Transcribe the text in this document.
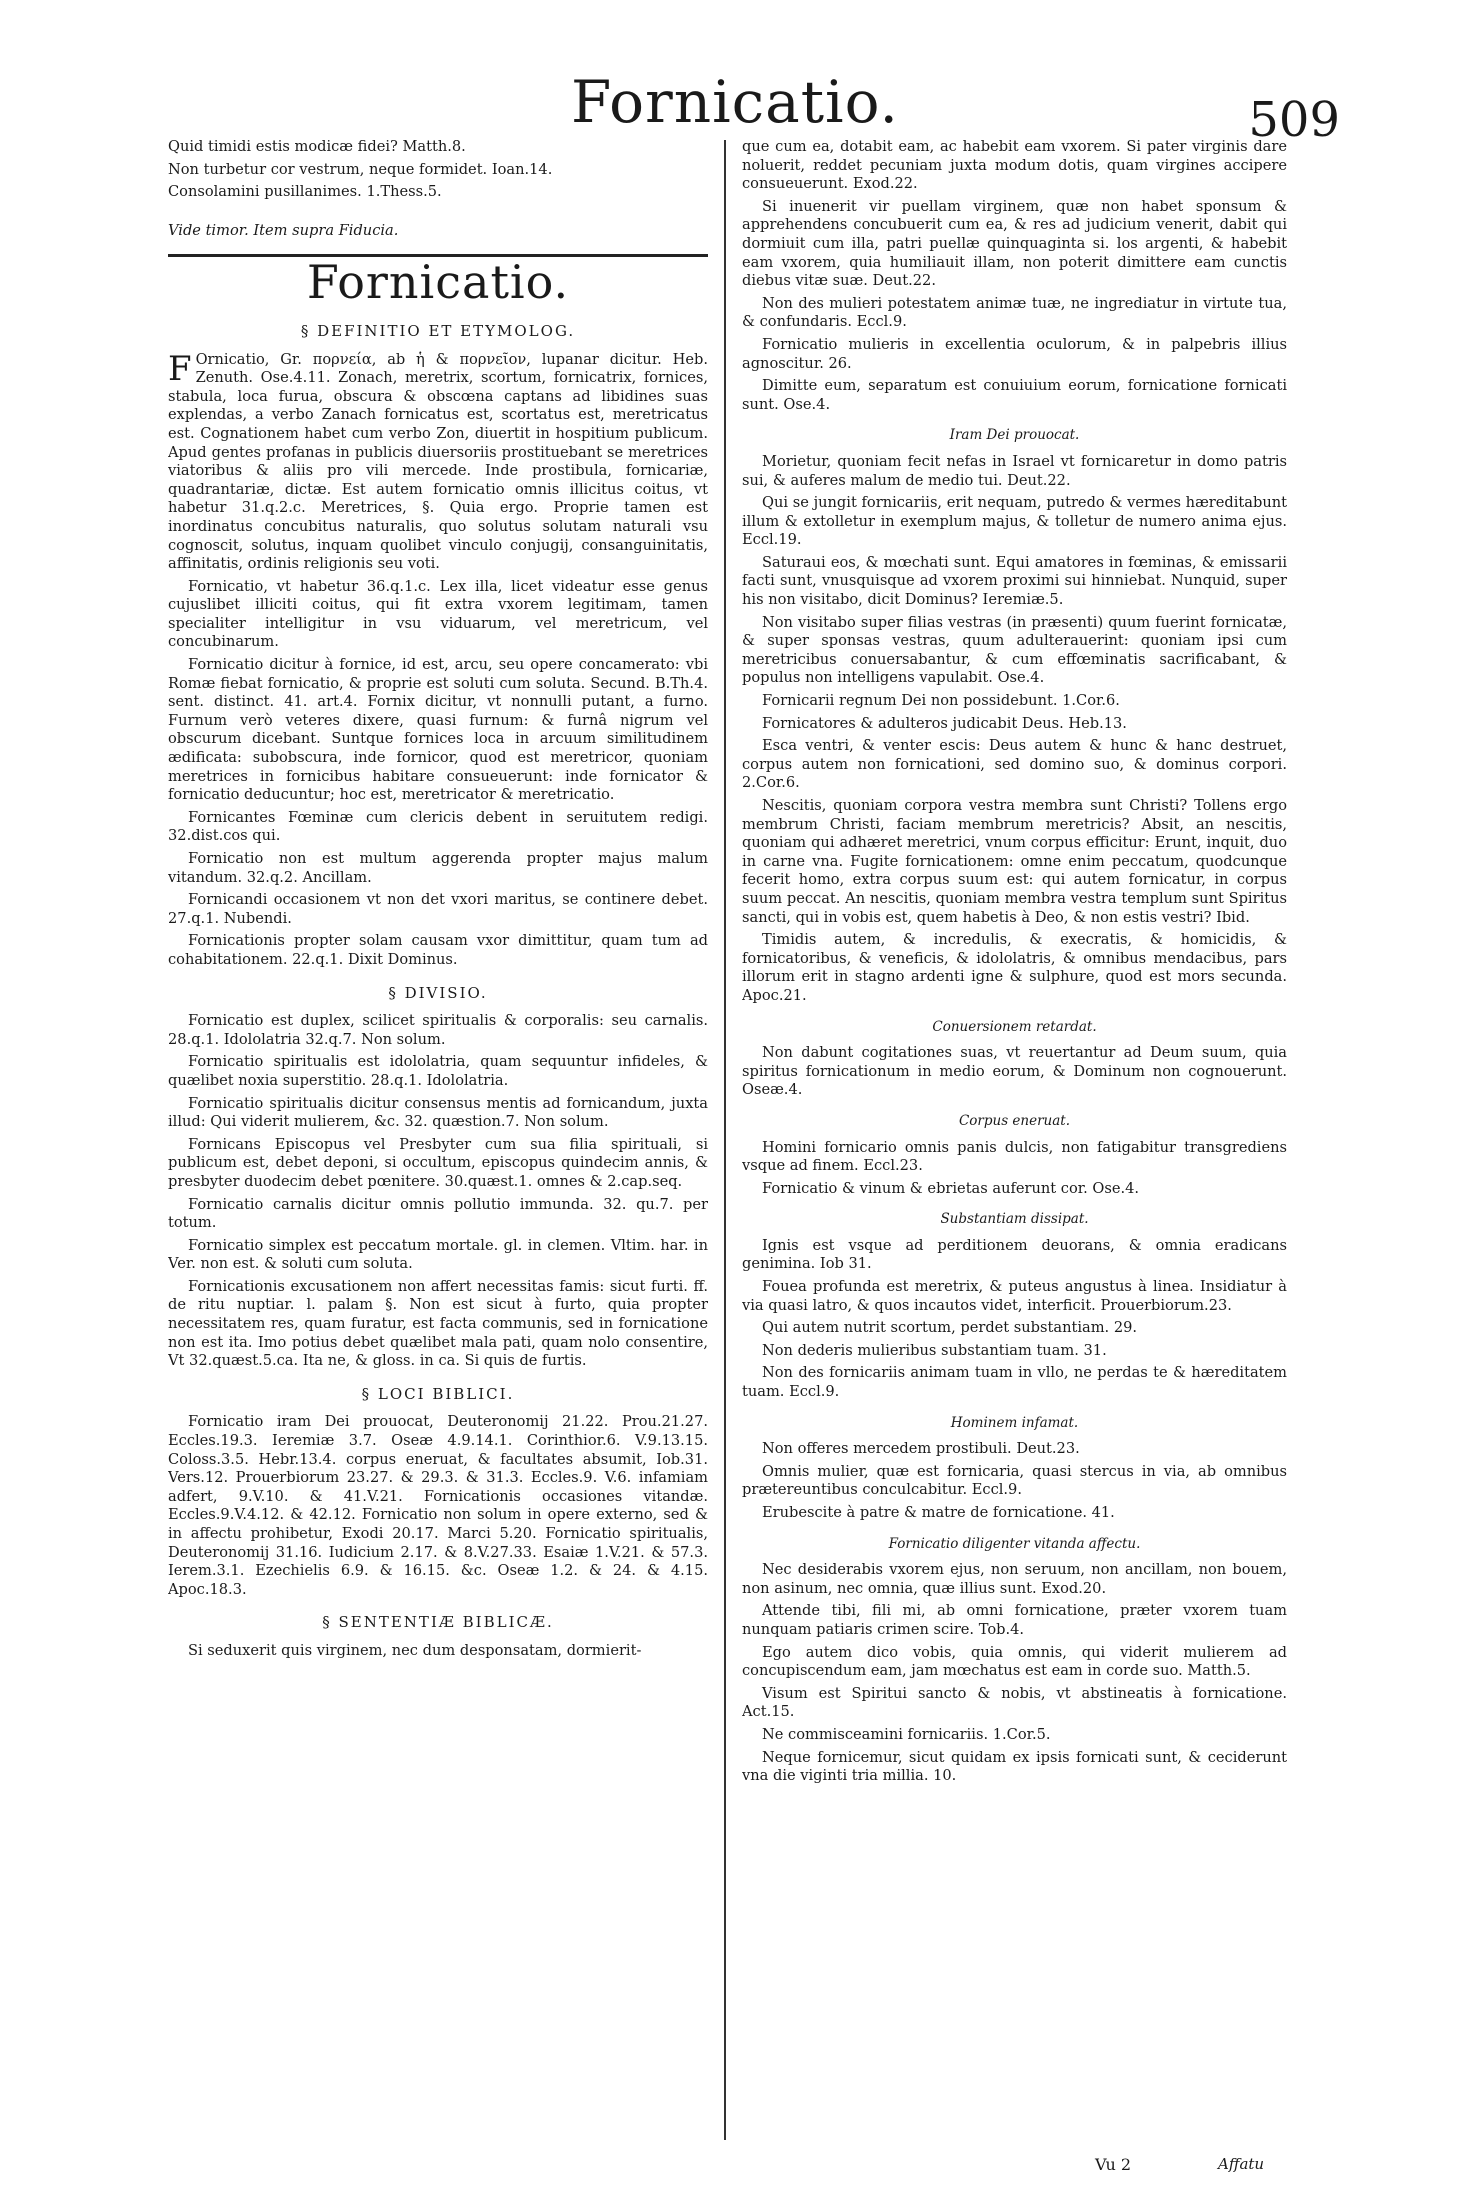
Fornicatio.	509
Quid timidi estis modicæ fidei? Matth.8.
Non turbetur cor vestrum, neque formidet. Ioan.14.
Consolamini pusillanimes. 1.Thess.5.
Vide timor. Item supra Fiducia.
Fornicatio.
§ DEFINITIO ET ETYMOLOG.
F Ornicatio, Gr. πορνεία, ab ἡ & πορνεῖον, lupanar dicitur. Heb. Zenuth. Ose.4.11. Zonach, meretrix, scortum, fornicatrix, fornices, stabula, loca furua, obscura & obscœna captans ad libidines suas explendas, a verbo Zanach fornicatus est, scortatus est, meretricatus est. Cognationem habet cum verbo Zon, diuertit in hospitium publicum. Apud gentes profanas in publicis diuersoriis prostituebant se meretrices viatoribus & aliis pro vili mercede. Inde prostibula, fornicariæ, quadrantariæ, dictæ. Est autem fornicatio omnis illicitus coitus, vt habetur 31.q.2.c. Meretrices, §. Quia ergo. Proprie tamen est inordinatus concubitus naturalis, quo solutus solutam naturali vsu cognoscit, solutus, inquam quolibet vinculo conjugij, consanguinitatis, affinitatis, ordinis religionis seu voti.
Fornicatio, vt habetur 36.q.1.c. Lex illa, licet videatur esse genus cujuslibet illiciti coitus, qui fit extra vxorem legitimam, tamen specialiter intelligitur in vsu viduarum, vel meretricum, vel concubinarum.
Fornicatio dicitur à fornice, id est, arcu, seu opere concamerato: vbi Romæ fiebat fornicatio, & proprie est soluti cum soluta. Secund. B.Th.4. sent. distinct. 41. art.4. Fornix dicitur, vt nonnulli putant, a furno. Furnum verò veteres dixere, quasi furnum: & furnâ nigrum vel obscurum dicebant. Suntque fornices loca in arcuum similitudinem ædificata: subobscura, inde fornicor, quod est meretricor, quoniam meretrices in fornicibus habitare consueuerunt: inde fornicator & fornicatio deducuntur; hoc est, meretricator & meretricatio.
Fornicantes Fœminæ cum clericis debent in seruitutem redigi. 32.dist.cos qui.
Fornicatio non est multum aggerenda propter majus malum vitandum. 32.q.2. Ancillam.
Fornicandi occasionem vt non det vxori maritus, se continere debet. 27.q.1. Nubendi.
Fornicationis propter solam causam vxor dimittitur, quam tum ad cohabitationem. 22.q.1. Dixit Dominus.
§ DIVISIO.
Fornicatio est duplex, scilicet spiritualis & corporalis: seu carnalis. 28.q.1. Idololatria 32.q.7. Non solum.
Fornicatio spiritualis est idololatria, quam sequuntur infideles, & quælibet noxia superstitio. 28.q.1. Idololatria.
Fornicatio spiritualis dicitur consensus mentis ad fornicandum, juxta illud: Qui viderit mulierem, &c. 32. quæstion.7. Non solum.
Fornicans Episcopus vel Presbyter cum sua filia spirituali, si publicum est, debet deponi, si occultum, episcopus quindecim annis, & presbyter duodecim debet pœnitere. 30.quæst.1. omnes & 2.cap.seq.
Fornicatio carnalis dicitur omnis pollutio immunda. 32. qu.7. per totum.
Fornicatio simplex est peccatum mortale. gl. in clemen. Vltim. har. in Ver. non est. & soluti cum soluta.
Fornicationis excusationem non affert necessitas famis: sicut furti. ff. de ritu nuptiar. l. palam §. Non est sicut à furto, quia propter necessitatem res, quam furatur, est facta communis, sed in fornicatione non est ita. Imo potius debet quælibet mala pati, quam nolo consentire, Vt 32.quæst.5.ca. Ita ne, & gloss. in ca. Si quis de furtis.
§ LOCI BIBLICI.
Fornicatio iram Dei prouocat, Deuteronomij 21.22. Prou.21.27. Eccles.19.3. Ieremiæ 3.7. Oseæ 4.9.14.1. Corinthior.6. V.9.13.15. Coloss.3.5. Hebr.13.4. corpus eneruat, & facultates absumit, Iob.31. Vers.12. Prouerbiorum 23.27. & 29.3. & 31.3. Eccles.9. V.6. infamiam adfert, 9.V.10. & 41.V.21. Fornicationis occasiones vitandæ. Eccles.9.V.4.12. & 42.12. Fornicatio non solum in opere externo, sed & in affectu prohibetur, Exodi 20.17. Marci 5.20. Fornicatio spiritualis, Deuteronomij 31.16. Iudicium 2.17. & 8.V.27.33. Esaiæ 1.V.21. & 57.3. Ierem.3.1. Ezechielis 6.9. & 16.15. &c. Oseæ 1.2. & 24. & 4.15. Apoc.18.3.
§ SENTENTIÆ BIBLICÆ.
Si seduxerit quis virginem, nec dum desponsatam, dormierit-
que cum ea, dotabit eam, ac habebit eam vxorem. Si pater virginis dare noluerit, reddet pecuniam juxta modum dotis, quam virgines accipere consueuerunt. Exod.22.
Si inuenerit vir puellam virginem, quæ non habet sponsum & apprehendens concubuerit cum ea, & res ad judicium venerit, dabit qui dormiuit cum illa, patri puellæ quinquaginta si. los argenti, & habebit eam vxorem, quia humiliauit illam, non poterit dimittere eam cunctis diebus vitæ suæ. Deut.22.
Non des mulieri potestatem animæ tuæ, ne ingrediatur in virtute tua, & confundaris. Eccl.9.
Fornicatio mulieris in excellentia oculorum, & in palpebris illius agnoscitur. 26.
Dimitte eum, separatum est conuiuium eorum, fornicatione fornicati sunt. Ose.4.
Iram Dei prouocat.
Morietur, quoniam fecit nefas in Israel vt fornicaretur in domo patris sui, & auferes malum de medio tui. Deut.22.
Qui se jungit fornicariis, erit nequam, putredo & vermes hæreditabunt illum & extolletur in exemplum majus, & tolletur de numero anima ejus. Eccl.19.
Saturaui eos, & mœchati sunt. Equi amatores in fœminas, & emissarii facti sunt, vnusquisque ad vxorem proximi sui hinniebat. Nunquid, super his non visitabo, dicit Dominus? Ieremiæ.5.
Non visitabo super filias vestras (in præsenti) quum fuerint fornicatæ, & super sponsas vestras, quum adulterauerint: quoniam ipsi cum meretricibus conuersabantur, & cum effœminatis sacrificabant, & populus non intelligens vapulabit. Ose.4.
Fornicarii regnum Dei non possidebunt. 1.Cor.6.
Fornicatores & adulteros judicabit Deus. Heb.13.
Esca ventri, & venter escis: Deus autem & hunc & hanc destruet, corpus autem non fornicationi, sed domino suo, & dominus corpori. 2.Cor.6.
Nescitis, quoniam corpora vestra membra sunt Christi? Tollens ergo membrum Christi, faciam membrum meretricis? Absit, an nescitis, quoniam qui adhæret meretrici, vnum corpus efficitur: Erunt, inquit, duo in carne vna. Fugite fornicationem: omne enim peccatum, quodcunque fecerit homo, extra corpus suum est: qui autem fornicatur, in corpus suum peccat. An nescitis, quoniam membra vestra templum sunt Spiritus sancti, qui in vobis est, quem habetis à Deo, & non estis vestri? Ibid.
Timidis autem, & incredulis, & execratis, & homicidis, & fornicatoribus, & veneficis, & idololatris, & omnibus mendacibus, pars illorum erit in stagno ardenti igne & sulphure, quod est mors secunda. Apoc.21.
Conuersionem retardat.
Non dabunt cogitationes suas, vt reuertantur ad Deum suum, quia spiritus fornicationum in medio eorum, & Dominum non cognouerunt. Oseæ.4.
Corpus eneruat.
Homini fornicario omnis panis dulcis, non fatigabitur transgrediens vsque ad finem. Eccl.23.
Fornicatio & vinum & ebrietas auferunt cor. Ose.4.
Substantiam dissipat.
Ignis est vsque ad perditionem deuorans, & omnia eradicans genimina. Iob 31.
Fouea profunda est meretrix, & puteus angustus à linea. Insidiatur à via quasi latro, & quos incautos videt, interficit. Prouerbiorum.23.
Qui autem nutrit scortum, perdet substantiam. 29.
Non dederis mulieribus substantiam tuam. 31.
Non des fornicariis animam tuam in vllo, ne perdas te & hæreditatem tuam. Eccl.9.
Hominem infamat.
Non offeres mercedem prostibuli. Deut.23.
Omnis mulier, quæ est fornicaria, quasi stercus in via, ab omnibus prætereuntibus conculcabitur. Eccl.9.
Erubescite à patre & matre de fornicatione. 41.
Fornicatio diligenter vitanda affectu.
Nec desiderabis vxorem ejus, non seruum, non ancillam, non bouem, non asinum, nec omnia, quæ illius sunt. Exod.20.
Attende tibi, fili mi, ab omni fornicatione, præter vxorem tuam nunquam patiaris crimen scire. Tob.4.
Ego autem dico vobis, quia omnis, qui viderit mulierem ad concupiscendum eam, jam mœchatus est eam in corde suo. Matth.5.
Visum est Spiritui sancto & nobis, vt abstineatis à fornicatione. Act.15.
Ne commisceamini fornicariis. 1.Cor.5.
Neque fornicemur, sicut quidam ex ipsis fornicati sunt, & ceciderunt vna die viginti tria millia. 10.
Vu 2	Affatu
